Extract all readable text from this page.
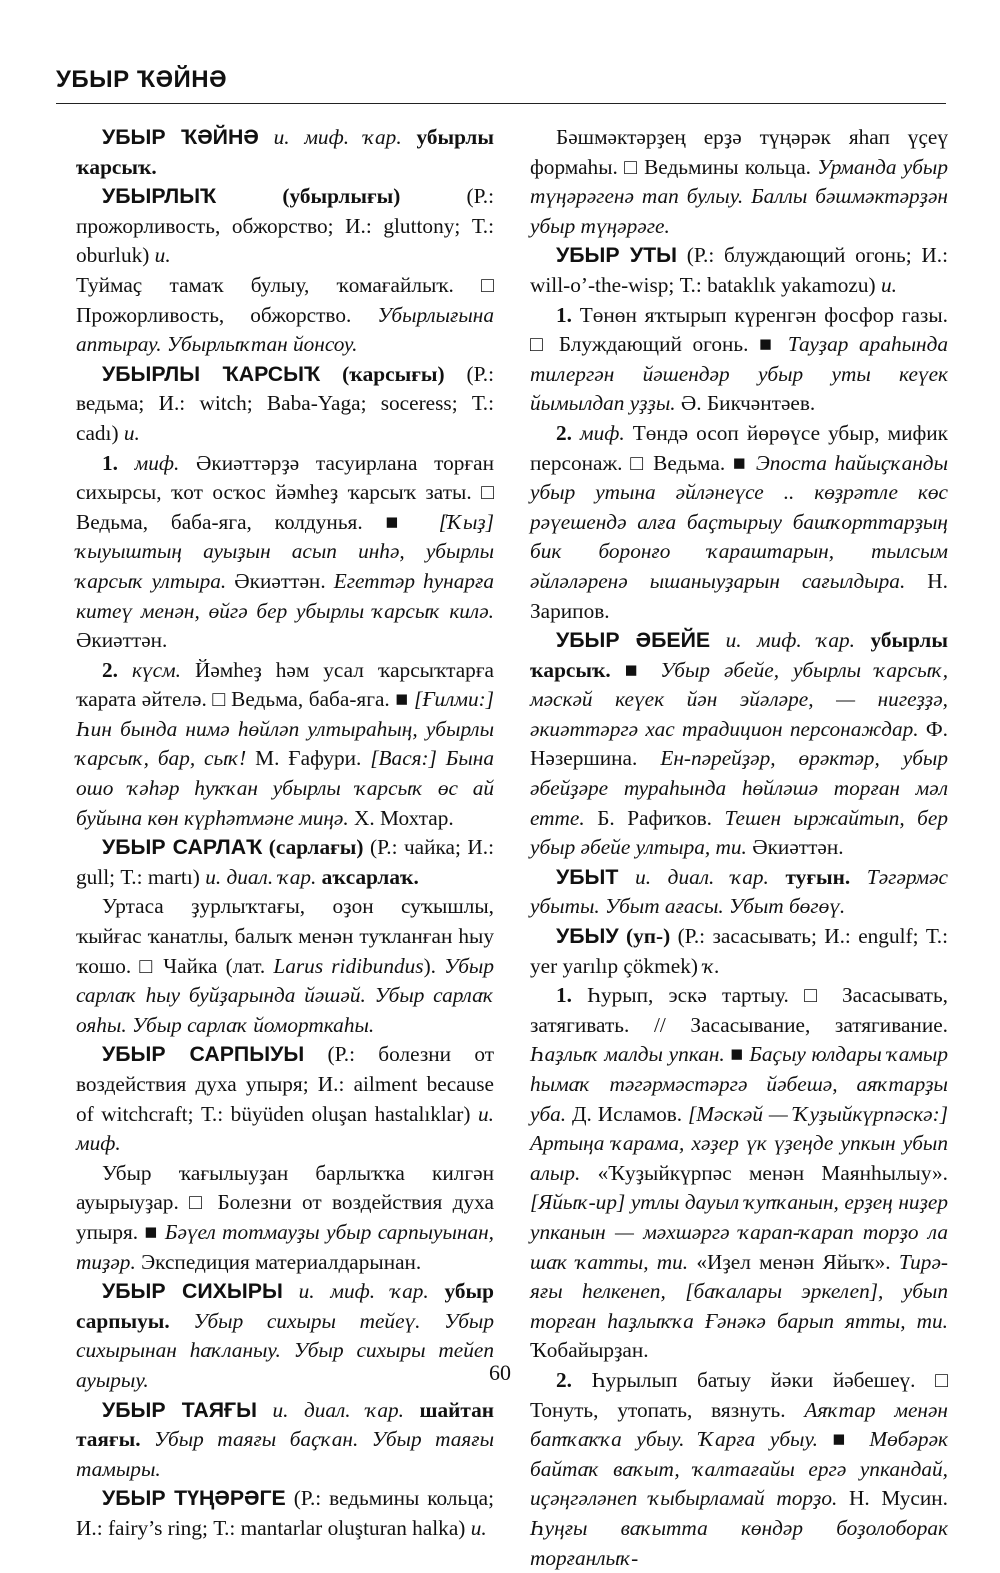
УБЫР ҠӘЙНӘ

УБЫР ҠӘЙНӘ и. миф. ҡар. убырлы ҡарсыҡ.

УБЫРЛЫҠ	(убырлығы)	(Р.: прожорливость, обжорство; И.: gluttony; Т.: oburluk) и.
Туймаҫ тамаҡ булыу, ҡомағайлыҡ. □ Прожорливость, обжорство. Убырлығына аптырау. Убырлыҡтан йонсоу.

УБЫРЛЫ ҠАРСЫҠ (ҡарсығы) (Р.: ведьма; И.: witch; Baba-Yaga; soceress; Т.: cadı) и.

1. миф. Әкиәттәрҙә тасуирлана торған сихырсы, ҡот осҡос йәмһеҙ ҡарсыҡ заты. □ Ведьма, баба-яга, колдунья. ■ [Ҡыҙ] ҡыуыштың ауыҙын асып инһә, убырлы ҡарсыҡ ултыра. Әкиәттән. Егеттәр һунарға китеү менән, өйгә бер убырлы ҡарсыҡ килә. Әкиәттән.

2. күсм. Йәмһеҙ һәм усал ҡарсыҡтарға ҡарата әйтелә. □ Ведьма, баба-яга. ■ [Ғилми:] Һин бында нимә һөйләп ултыраһың, убырлы ҡарсыҡ, бар, сыҡ! М. Ғафури. [Вася:] Бына ошо ҡәһәр һуҡҡан убырлы ҡарсыҡ өс ай буйына көн күрһәтмәне миңә. Х. Мохтар.

УБЫР САРЛАҠ (сарлағы) (Р.: чайка; И.: gull; Т.: martı) и. диал. ҡар. аҡсарлаҡ.

Уртаса ҙурлыҡтағы, оҙон суҡышлы, ҡыйғас ҡанатлы, балыҡ менән туҡланған һыу ҡошо. □ Чайка (лат. Larus ridibundus). Убыр сарлаҡ һыу буйҙарында йәшәй. Убыр сарлаҡ ояһы. Убыр сарлаҡ йоморткаһы.

УБЫР САРПЫУЫ (Р.: болезни от воздействия духа упыря; И.: ailment because of witchcraft; Т.: büyüden oluşan hastalıklar) и. миф.

Убыр ҡағылыуҙан барлыҡҡа килгән ауырыуҙар. □ Болезни от воздействия духа упыря. ■ Бәүел тотмауҙы убыр сарпыуынан, тиҙәр. Экспедиция материалдарынан.

УБЫР СИХЫРЫ и. миф. ҡар. убыр сарпыуы. Убыр сихыры тейеү. Убыр сихырынан һаҡланыу. Убыр сихыры тейеп ауырыу.

УБЫР ТАЯҒЫ и. диал. ҡар. шайтан таяғы. Убыр таяғы баҫҡан. Убыр таяғы тамыры.

УБЫР ТҮҢӘРӘГЕ (Р.: ведьмины кольца; И.: fairy’s ring; Т.: mantarlar oluşturan halka) и.

Бәшмәктәрҙең ерҙә түңәрәк яһап үҫеү формаһы. □ Ведьмины кольца. Урманда убыр түңәрәгенә тап булыу. Баллы бәшмәктәрҙән убыр түңәрәге.

УБЫР УТЫ (Р.: блуждающий огонь; И.: will-o’-the-wisp; Т.: bataklık yakamozu) и.

1. Төнөн яҡтырып күренгән фосфор газы. □ Блуждающий огонь. ■ Тауҙар араһында тилергән йәшендәр убыр уты кеүек йымылдап уҙҙы. Ә. Бикчәнтәев.

2. миф. Төндә осоп йөрөүсе убыр, мифик персонаж. □ Ведьма. ■ Эпоста һайыҫҡанды убыр утына әйләнеүсе .. көҙрәтле көс рәүешендә алға баҫтырыу башҡорттарҙың бик боронғо ҡараштарын, тылсым әйләләренә ышаныуҙарын сағылдыра. Н. Зарипов.

УБЫР ӘБЕЙЕ и. миф. ҡар. убырлы ҡарсыҡ. ■ Убыр әбейе, убырлы ҡарсыҡ, мәскәй кеүек йән эйәләре, — нигеҙҙә, әкиәттәргә хас традицион персонаждар. Ф. Нәзершина. Ен-пәрейҙәр, өрәктәр, убыр әбейҙәре тураһында һөйләшә торған мәл етте. Б. Рафиҡов. Тешен ыржайтып, бер убыр әбейе ултыра, ти. Әкиәттән.

УБЫТ и. диал. ҡар. туғын. Тәгәрмәс убыты. Убыт ағасы. Убыт бөгөү.

УБЫУ (уп-) (Р.: засасывать; И.: engulf; Т.: yer yarılıp çökmek) ҡ.

1. Һурып, эскә тартыу. □ Засасывать, затягивать. // Засасывание, затягивание. Һаҙлыҡ малды упкан. ■ Баҫыу юлдары ҡамыр һымаҡ тәгәрмәстәргә йәбешә, аяҡтарҙы уба. Д. Исламов. [Мәскәй — Ҡуҙыйкүрпәскә:] Артыңа ҡарама, хәҙер үк үҙеңде упкын убып алыр. «Ҡуҙыйкүрпәс менән Маянһылыу». [Яйыҡ-ир] утлы дауыл ҡупҡанын, ерҙең ниҙер упканын — мәхшәргә ҡарап-ҡарап торҙо ла шаҡ ҡатты, ти. «Иҙел менән Яйыҡ». Тирә-яғы һелкенеп, [баҡалары эркелеп], убып торған һаҙлыҡҡа Ғәнәкә барып ятты, ти. Ҡобайырҙан.

2. Һурылып батыу йәки йәбешеү. □ Тонуть, утопать, вязнуть. Аяҡтар менән батҡаҡҡа убыу. Ҡарға убыу. ■ Мөбәрәк байтаҡ ваҡыт, ҡалтағайы ергә упкандай, иҫәңгәләнеп ҡыбырламай торҙо. Н. Мусин. Һуңғы ваҡытта көндәр боҙолоборак торғанлыҡ-

60
